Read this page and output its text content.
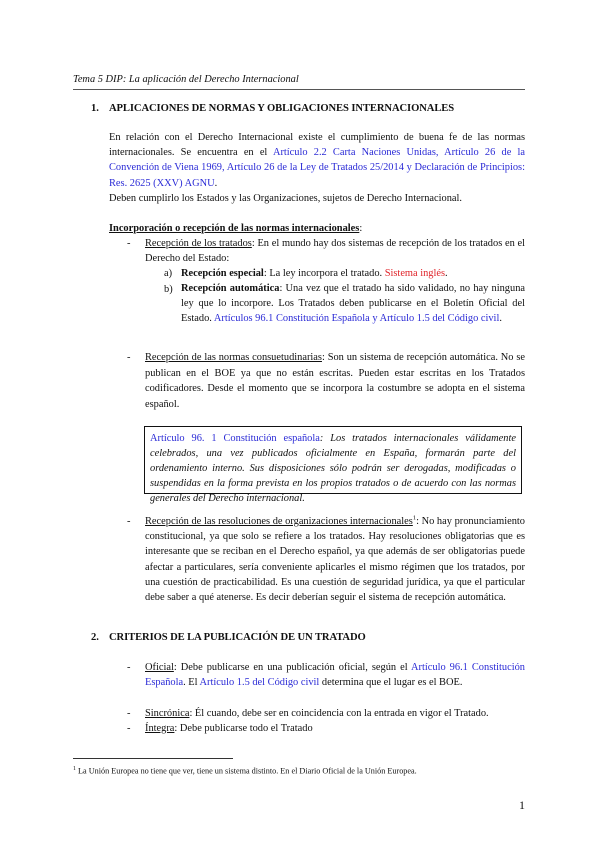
Tema 5 DIP: La aplicación del Derecho Internacional
1. APLICACIONES DE NORMAS Y OBLIGACIONES INTERNACIONALES
En relación con el Derecho Internacional existe el cumplimiento de buena fe de las normas internacionales. Se encuentra en el Artículo 2.2 Carta Naciones Unidas, Artículo 26 de la Convención de Viena 1969, Artículo 26 de la Ley de Tratados 25/2014 y Declaración de Principios: Res. 2625 (XXV) AGNU.
Deben cumplirlo los Estados y las Organizaciones, sujetos de Derecho Internacional.
Incorporación o recepción de las normas internacionales:
- Recepción de los tratados: En el mundo hay dos sistemas de recepción de los tratados en el Derecho del Estado:
a) Recepción especial: La ley incorpora el tratado. Sistema inglés.
b) Recepción automática: Una vez que el tratado ha sido validado, no hay ninguna ley que lo incorpore. Los Tratados deben publicarse en el Boletín Oficial del Estado. Artículos 96.1 Constitución Española y Artículo 1.5 del Código civil.
- Recepción de las normas consuetudinarias: Son un sistema de recepción automática. No se publican en el BOE ya que no están escritas. Pueden estar escritas en los Tratados codificadores. Desde el momento que se incorpora la costumbre se adopta en el sistema español.
Artículo 96. 1 Constitución española: Los tratados internacionales válidamente celebrados, una vez publicados oficialmente en España, formarán parte del ordenamiento interno. Sus disposiciones sólo podrán ser derogadas, modificadas o suspendidas en la forma prevista en los propios tratados o de acuerdo con las normas generales del Derecho internacional.
- Recepción de las resoluciones de organizaciones internacionales$^1$: No hay pronunciamiento constitucional, ya que solo se refiere a los tratados. Hay resoluciones obligatorias que es interesante que se reciban en el Derecho español, ya que además de ser obligatorias puede afectar a particulares, sería conveniente aplicarles el mismo régimen que los tratados, por una cuestión de practicabilidad. Es una cuestión de seguridad jurídica, ya que el particular debe saber a qué atenerse. Es decir deberían seguir el sistema de recepción automática.
2. CRITERIOS DE LA PUBLICACIÓN DE UN TRATADO
- Oficial: Debe publicarse en una publicación oficial, según el Artículo 96.1 Constitución Española. El Artículo 1.5 del Código civil determina que el lugar es el BOE.
- Sincrónica: Él cuando, debe ser en coincidencia con la entrada en vigor el Tratado.
- Íntegra: Debe publicarse todo el Tratado
$^1$ La Unión Europea no tiene que ver, tiene un sistema distinto. En el Diario Oficial de la Unión Europea.
1
